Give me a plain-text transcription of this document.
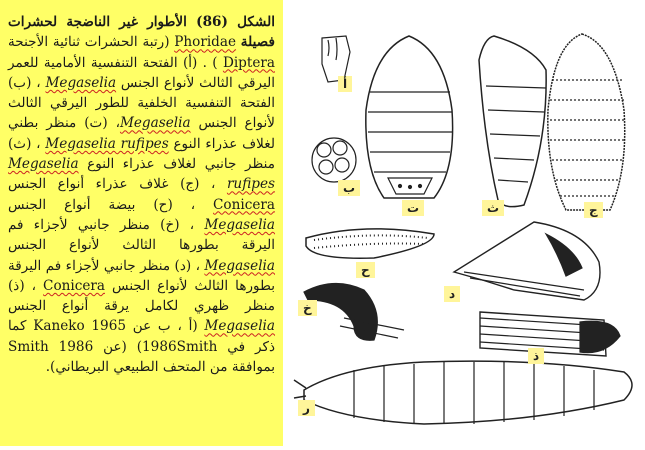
الشكل (86) الأطوار غير الناضجة لحشرات فصيلة Phoridae (رتبة الحشرات ثنائية الأجنحة Diptera ) . (أ) الفتحة التنفسية الأمامية للعمر اليرقي الثالث لأنواع الجنس Megaselia ، (ب) الفتحة التنفسية الخلفية للطور اليرقي الثالث لأنواع الجنس Megaselia، (ت) منظر بطني لغلاف عذراء النوع Megaselia rufipes ، (ث) منظر جانبي لغلاف عذراء النوع Megaselia rufipes ، (ج) غلاف عذراء أنواع الجنس Conicera ، (ح) بيضة أنواع الجنس Megaselia ، (خ) منظر جانبي لأجزاء فم اليرقة بطورها الثالث لأنواع الجنس Megaselia ، (د) منظر جانبي لأجزاء فم اليرقة بطورها الثالث لأنواع الجنس Conicera ، (ذ) منظر ظهري لكامل يرقة أنواع الجنس Megaselia (أ ، ب عن Kaneko 1965 كما ذكر في 1986Smith) (عن Smith 1986 بموافقة من المتحف الطبيعي البريطاني).
أ
ب
ت	ث	ج
ح
د
خ
ذ
ر
